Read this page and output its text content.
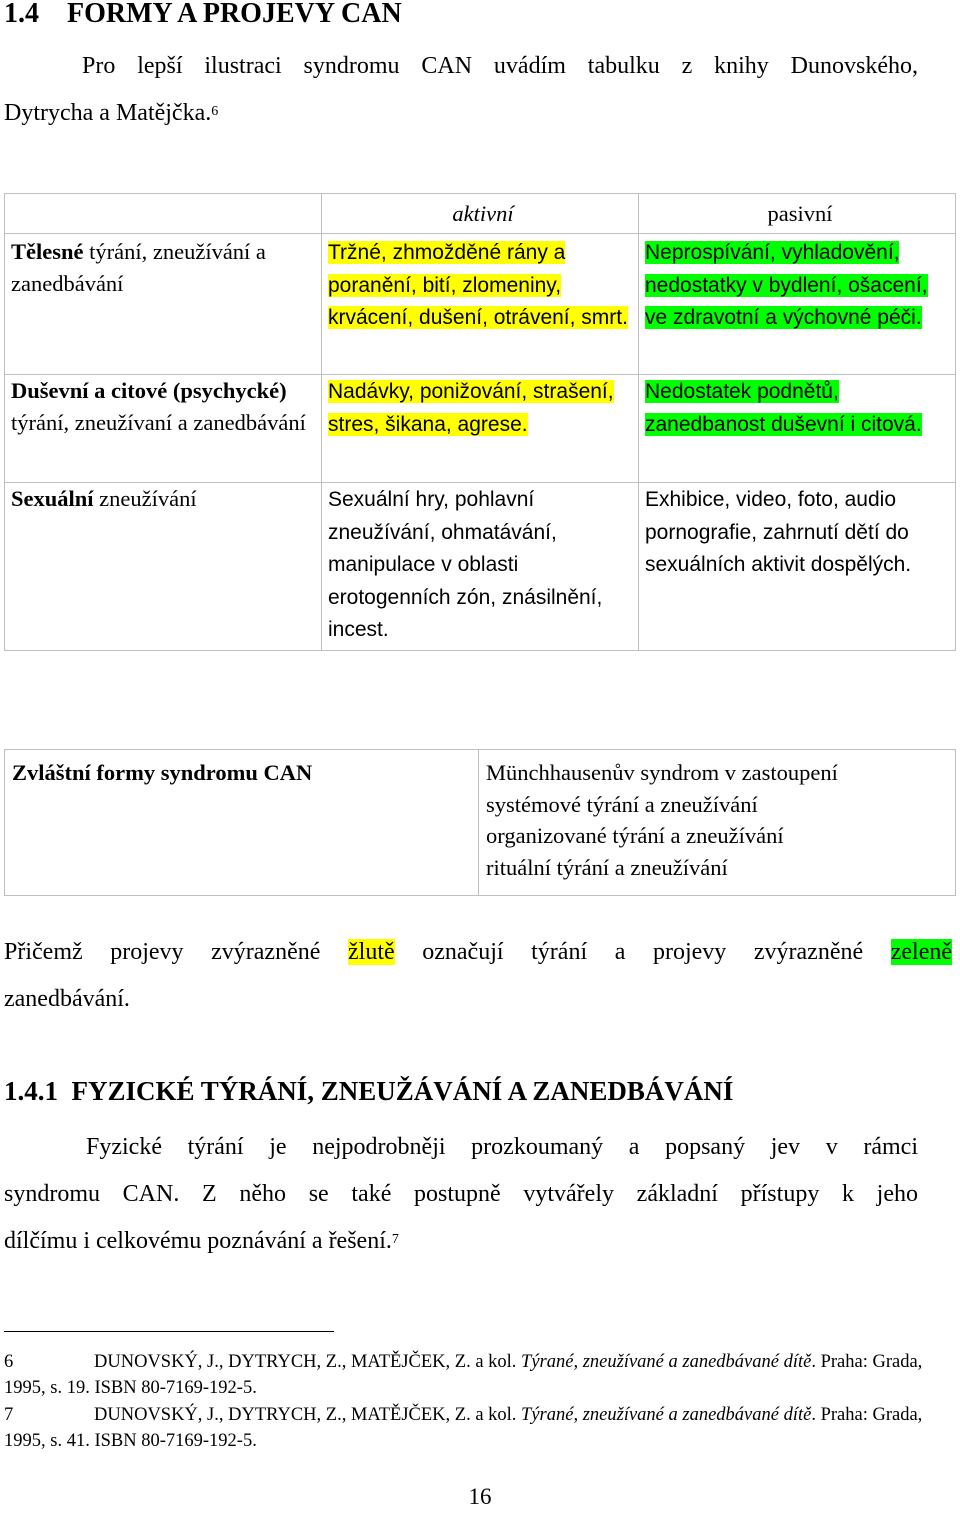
1.4 FORMY A PROJEVY CAN
Pro lepší ilustraci syndromu CAN uvádím tabulku z knihy Dunovského,
Dytrycha a Matějčka.$^6$
	aktivní	pasivní
Tělesné týrání, zneužívání a zanedbávání	Tržné, zhmožděné rány a poranění, bití, zlomeniny, krvácení, dušení, otrávení, smrt.	Neprospívání, vyhladovění, nedostatky v bydlení, ošacení, ve zdravotní a výchovné péči.
Duševní a citové (psychycké) týrání, zneužívaní a zanedbávání	Nadávky, ponižování, strašení, stres, šikana, agrese.	Nedostatek podnětů, zanedbanost duševní i citová.
Sexuální zneužívání	Sexuální hry, pohlavní zneužívání, ohmatávání, manipulace v oblasti erotogenních zón, znásilnění, incest.	Exhibice, video, foto, audio pornografie, zahrnutí dětí do sexuálních aktivit dospělých.
Zvláštní formy syndromu CAN	Münchhausenův syndrom v zastoupení
systémové týrání a zneužívání
organizované týrání a zneužívání
rituální týrání a zneužívání
Přičemž projevy zvýrazněné žlutě označují týrání a projevy zvýrazněné zeleně
zanedbávání.
1.4.1 FYZICKÉ TÝRÁNÍ, ZNEUŽÁVÁNÍ A ZANEDBÁVÁNÍ
Fyzické týrání je nejpodrobněji prozkoumaný a popsaný jev v rámci
syndromu CAN. Z něho se také postupně vytvářely základní přístupy k jeho
dílčímu i celkovému poznávání a řešení.$^7$
6	DUNOVSKÝ, J., DYTRYCH, Z., MATĚJČEK, Z. a kol. Týrané, zneužívané a zanedbávané dítě. Praha: Grada, 1995, s. 19. ISBN 80-7169-192-5.
7	DUNOVSKÝ, J., DYTRYCH, Z., MATĚJČEK, Z. a kol. Týrané, zneužívané a zanedbávané dítě. Praha: Grada, 1995, s. 41. ISBN 80-7169-192-5.
16
